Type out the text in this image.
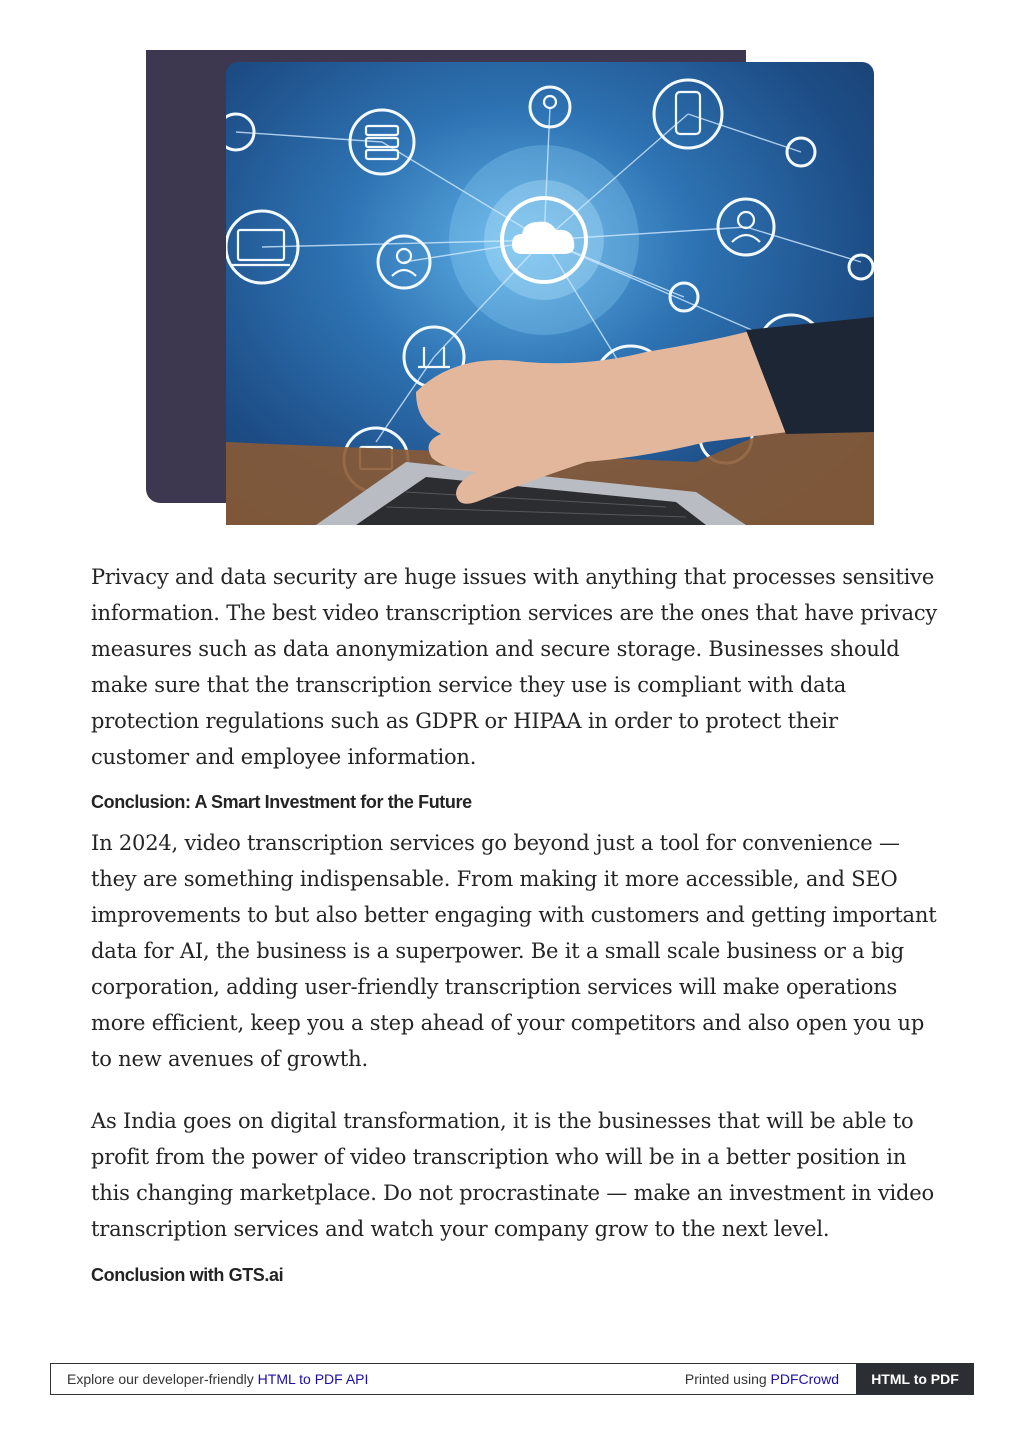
Privacy and data security are huge issues with anything that processes sensitive information. The best video transcription services are the ones that have privacy measures such as data anonymization and secure storage. Businesses should make sure that the transcription service they use is compliant with data protection regulations such as GDPR or HIPAA in order to protect their customer and employee information.

Conclusion: A Smart Investment for the Future

In 2024, video transcription services go beyond just a tool for convenience — they are something indispensable. From making it more accessible, and SEO improvements to but also better engaging with customers and getting important data for AI, the business is a superpower. Be it a small scale business or a big corporation, adding user-friendly transcription services will make operations more efficient, keep you a step ahead of your competitors and also open you up to new avenues of growth.

As India goes on digital transformation, it is the businesses that will be able to profit from the power of video transcription who will be in a better position in this changing marketplace. Do not procrastinate — make an investment in video transcription services and watch your company grow to the next level.

Conclusion with GTS.ai
Explore our developer-friendly HTML to PDF API	Printed using PDFCrowd	HTML to PDF
